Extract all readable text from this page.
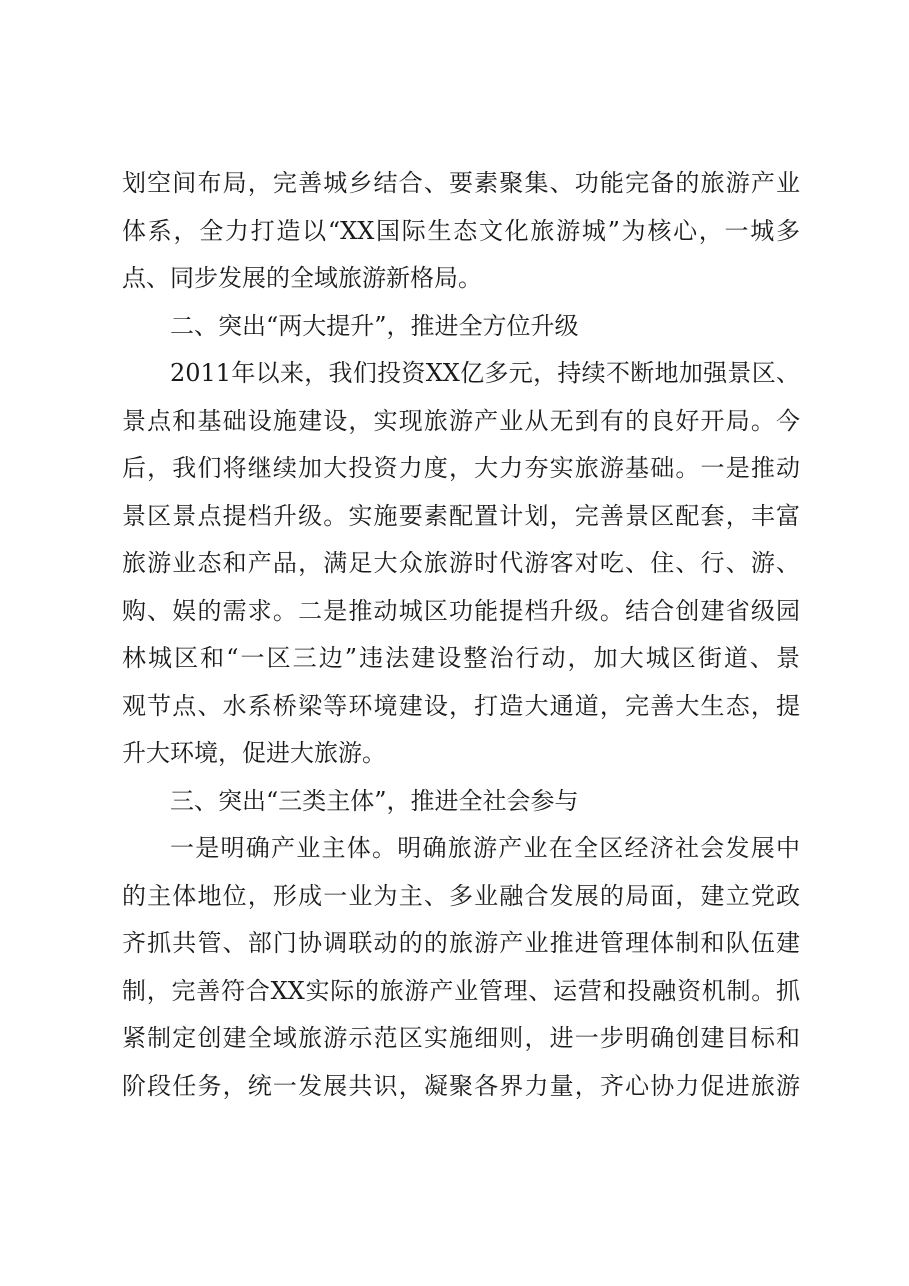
划空间布局，完善城乡结合、要素聚集、功能完备的旅游产业
体系，全力打造以“XX国际生态文化旅游城”为核心，一城多
点、同步发展的全域旅游新格局。
二、突出“两大提升”，推进全方位升级
2011年以来，我们投资XX亿多元，持续不断地加强景区、
景点和基础设施建设，实现旅游产业从无到有的良好开局。今
后，我们将继续加大投资力度，大力夯实旅游基础。一是推动
景区景点提档升级。实施要素配置计划，完善景区配套，丰富
旅游业态和产品，满足大众旅游时代游客对吃、住、行、游、
购、娱的需求。二是推动城区功能提档升级。结合创建省级园
林城区和“一区三边”违法建设整治行动，加大城区街道、景
观节点、水系桥梁等环境建设，打造大通道，完善大生态，提
升大环境，促进大旅游。
三、突出“三类主体”，推进全社会参与
一是明确产业主体。明确旅游产业在全区经济社会发展中
的主体地位，形成一业为主、多业融合发展的局面，建立党政
齐抓共管、部门协调联动的的旅游产业推进管理体制和队伍建
制，完善符合XX实际的旅游产业管理、运营和投融资机制。抓
紧制定创建全域旅游示范区实施细则，进一步明确创建目标和
阶段任务，统一发展共识，凝聚各界力量，齐心协力促进旅游
